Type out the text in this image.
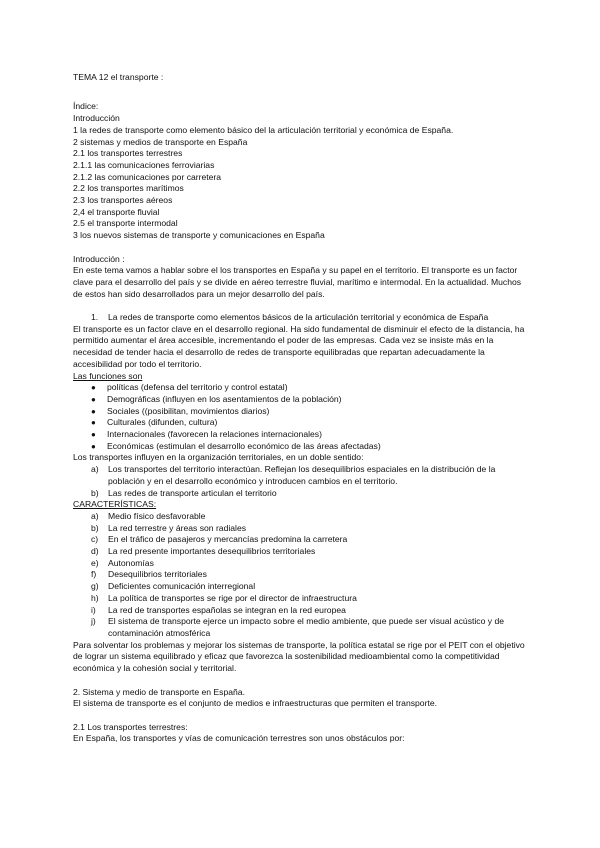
TEMA 12 el transporte :
Índice:
Introducción
1 la redes de transporte como elemento básico del la articulación territorial y económica de España.
2 sistemas y medios de transporte en España
2.1 los transportes terrestres
2.1.1 las comunicaciones ferroviarias
2.1.2 las comunicaciones por carretera
2.2 los transportes marítimos
2.3 los transportes aéreos
2,4 el transporte fluvial
2.5 el transporte intermodal
3 los nuevos sistemas de transporte y comunicaciones en España
Introducción :
En este tema vamos a hablar sobre el los transportes en España y su papel en el territorio. El transporte es un factor clave para el desarrollo del país y se divide en aéreo terrestre fluvial, marítimo e intermodal. En la actualidad. Muchos de estos han sido desarrollados para un mejor desarrollo del país.
1. La redes de transporte como elementos básicos de la articulación territorial y económica de España
El transporte es un factor clave en el desarrollo regional. Ha sido fundamental de disminuir el efecto de la distancia, ha permitido aumentar el área accesible, incrementando el poder de las empresas. Cada vez se insiste más en la necesidad de tender hacia el desarrollo de redes de transporte equilibradas que repartan adecuadamente la accesibilidad por todo el territorio.
Las funciones son
● políticas (defensa del territorio y control estatal)
● Demográficas (influyen en los asentamientos de la población)
● Sociales ((posibilitan, movimientos diarios)
● Culturales (difunden, cultura)
● Internacionales (favorecen la relaciones internacionales)
● Económicas (estimulan el desarrollo económico de las áreas afectadas)
Los transportes influyen en la organización territoriales, en un doble sentido:
a) Los transportes del territorio interactúan. Reflejan los desequilibrios espaciales en la distribución de la población y en el desarrollo económico y introducen cambios en el territorio.
b) Las redes de transporte articulan el territorio
CARACTERÍSTICAS:
a) Medio físico desfavorable
b) La red terrestre y áreas son radiales
c) En el tráfico de pasajeros y mercancías predomina la carretera
d) La red presente importantes desequilibrios territoriales
e) Autonomías
f) Desequilibrios territoriales
g) Deficientes comunicación interregional
h) La política de transportes se rige por el director de infraestructura
i) La red de transportes españolas se integran en la red europea
j) El sistema de transporte ejerce un impacto sobre el medio ambiente, que puede ser visual acústico y de contaminación atmosférica
Para solventar los problemas y mejorar los sistemas de transporte, la política estatal se rige por el PEIT con el objetivo de lograr un sistema equilibrado y eficaz que favorezca la sostenibilidad medioambiental como la competitividad económica y la cohesión social y territorial.
2. Sistema y medio de transporte en España.
El sistema de transporte es el conjunto de medios e infraestructuras que permiten el transporte.
2.1 Los transportes terrestres:
En España, los transportes y vías de comunicación terrestres son unos obstáculos por:
